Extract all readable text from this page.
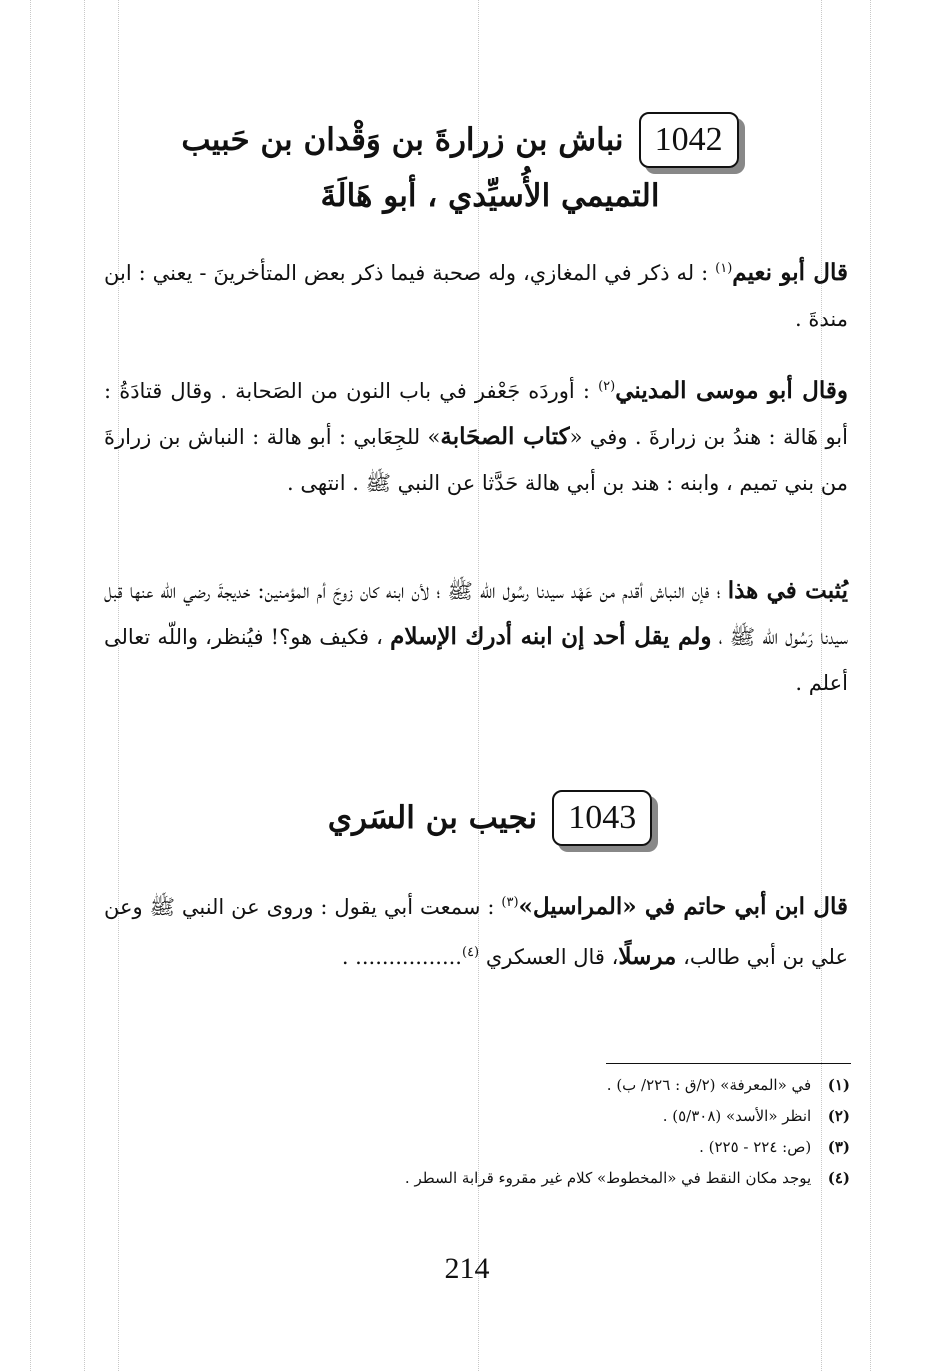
1042 نباش بن زرارةَ بن وَقْدان بن حَبيب
التميمي الأُسيِّدي ، أبو هَالَةَ
قال أبو نعيم$^{(١)}$ : له ذكر في المغازي، وله صحبة فيما ذكر بعض المتأخرينَ - يعني : ابن مندةَ .
وقال أبو موسى المديني$^{(٢)}$ : أوردَه جَعْفر في باب النون من الصَحابة . وقال قتادَةُ : أبو هَالة : هندُ بن زرارةَ . وفي «كتاب الصحَابة» للجِعَابي : أبو هالة : النباش بن زرارةَ من بني تميم ، وابنه : هند بن أبي هالة حَدَّثا عن النبي ﷺ . انتهى .
يُثبت في هذا ؛ فإن النباش أقدم من عَهْد سيدنا رسُول اللّه ﷺ ؛ لأن ابنه كان زوجَ أم المؤمنين: خديجةَ رضي اللّه عنها قبل سيدنا رَسُول اللّه ﷺ ، ولم يقل أحد إن ابنه أدرك الإسلام ، فكيف هو؟! فيُنظر، واللّه تعالى أعلم .
1043 نجيب بن السَري
قال ابن أبي حاتم في «المراسيل»$^{(٣)}$ : سمعت أبي يقول : وروى عن النبي ﷺ وعن علي بن أبي طالب، مرسلًا، قال العسكري $^{(٤)}$................ .
(١) في «المعرفة» (٢/ق : ٢٢٦/ ب) .
(٢) انظر «الأسد» (٥/٣٠٨) .
(٣) (ص: ٢٢٤ - ٢٢٥) .
(٤) يوجد مكان النقط في «المخطوط» كلام غير مقروء قرابة السطر .
214
